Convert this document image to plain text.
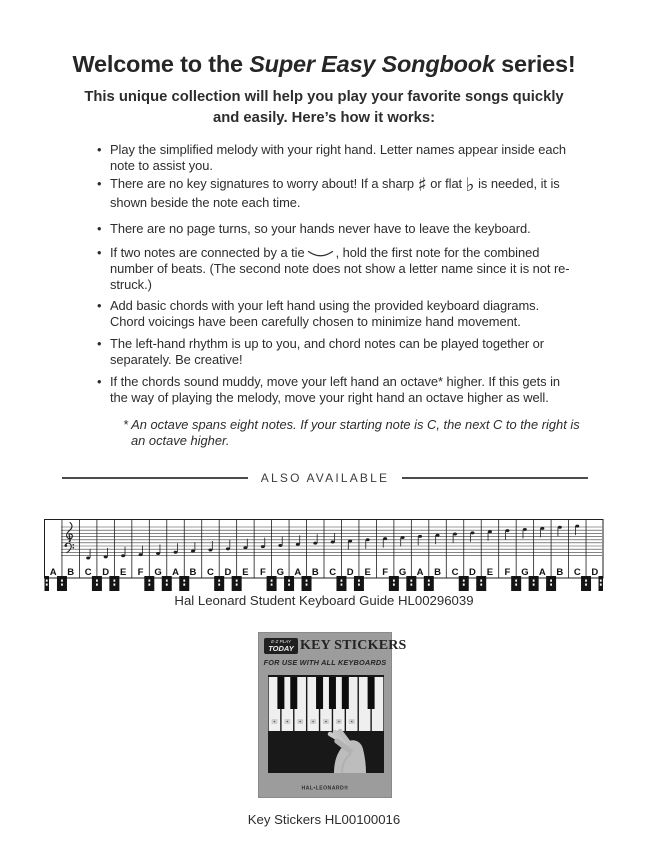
Welcome to the Super Easy Songbook series!
This unique collection will help you play your favorite songs quickly and easily. Here’s how it works:
• Play the simplified melody with your right hand. Letter names appear inside each note to assist you.
• There are no key signatures to worry about! If a sharp ♯ or flat ♭ is needed, it is shown beside the note each time.
• There are no page turns, so your hands never have to leave the keyboard.
• If two notes are connected by a tie , hold the first note for the combined number of beats. (The second note does not show a letter name since it is not re-struck.)
• Add basic chords with your left hand using the provided keyboard diagrams. Chord voicings have been carefully chosen to minimize hand movement.
• The left-hand rhythm is up to you, and chord notes can be played together or separately. Be creative!
• If the chords sound muddy, move your left hand an octave* higher. If this gets in the way of playing the melody, move your right hand an octave higher as well.
* An octave spans eight notes. If your starting note is C, the next C to the right is an octave higher.
ALSO AVAILABLE
A B C D E F G A B C D E F G A B C D E F G A B C D E F G A B C D
Hal Leonard Student Keyboard Guide HL00296039
E-Z PLAY
TODAY KEY STICKERS
FOR USE WITH ALL KEYBOARDS
HAL•LEONARD®
Key Stickers HL00100016
